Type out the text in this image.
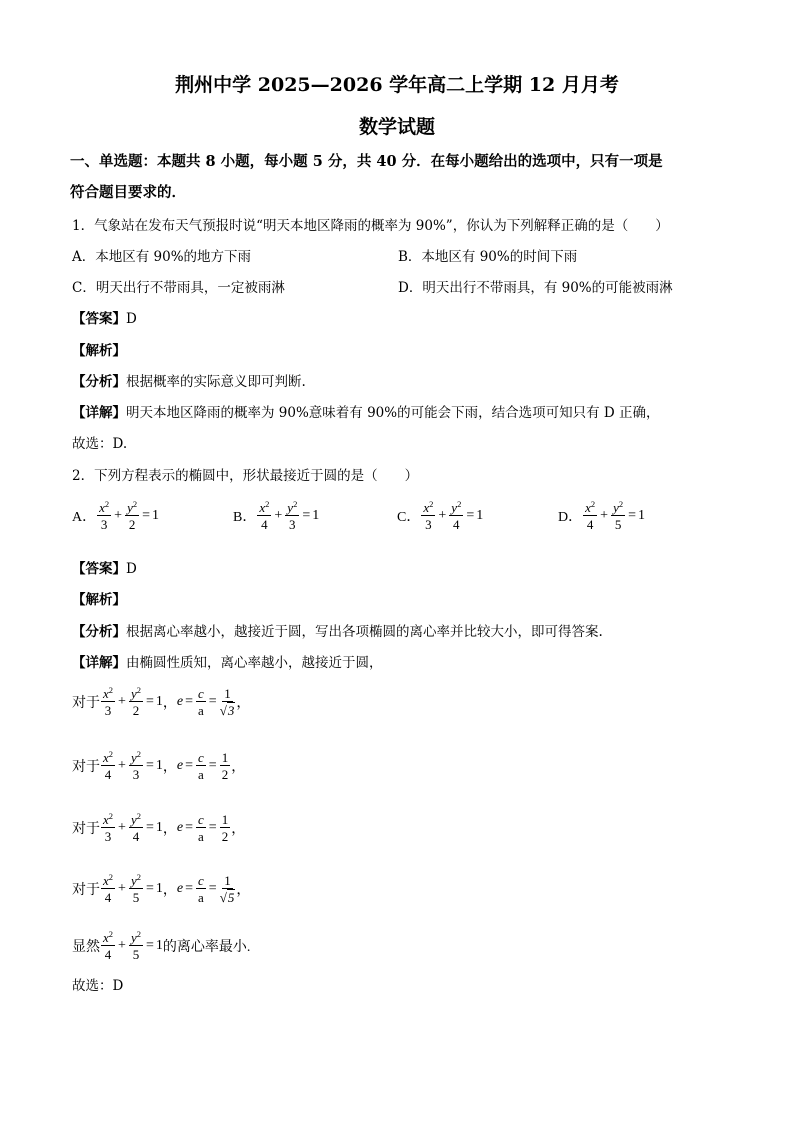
荆州中学 2025—2026 学年高二上学期 12 月月考
数学试题
一、单选题：本题共 8 小题，每小题 5 分，共 40 分．在每小题给出的选项中，只有一项是
符合题目要求的．
1．气象站在发布天气预报时说“明天本地区降雨的概率为 90%”，你认为下列解释正确的是（　　）
A．本地区有 90%的地方下雨	B．本地区有 90%的时间下雨
C．明天出行不带雨具，一定被雨淋	D．明天出行不带雨具，有 90%的可能被雨淋
【答案】D
【解析】
【分析】根据概率的实际意义即可判断.
【详解】明天本地区降雨的概率为 90%意味着有 90%的可能会下雨，结合选项可知只有 D 正确，
故选：D.
2．下列方程表示的椭圆中，形状最接近于圆的是（　　）
A． $\frac{x^2}{3} + \frac{y^2}{2} = 1$	B． $\frac{x^2}{4} + \frac{y^2}{3} = 1$	C． $\frac{x^2}{3} + \frac{y^2}{4} = 1$	D． $\frac{x^2}{4} + \frac{y^2}{5} = 1$
【答案】D
【解析】
【分析】根据离心率越小，越接近于圆，写出各项椭圆的离心率并比较大小，即可得答案.
【详解】由椭圆性质知，离心率越小，越接近于圆，
对于 $\frac{x^2}{3} + \frac{y^2}{2} = 1$ ， $e = \frac{c}{a} = \frac{1}{√3}$ ，
对于 $\frac{x^2}{4} + \frac{y^2}{3} = 1$ ， $e = \frac{c}{a} = \frac{1}{2}$ ，
对于 $\frac{x^2}{3} + \frac{y^2}{4} = 1$ ， $e = \frac{c}{a} = \frac{1}{2}$ ，
对于 $\frac{x^2}{4} + \frac{y^2}{5} = 1$ ， $e = \frac{c}{a} = \frac{1}{√5}$ ，
显然 $\frac{x^2}{4} + \frac{y^2}{5} = 1$ 的离心率最小.
故选：D
